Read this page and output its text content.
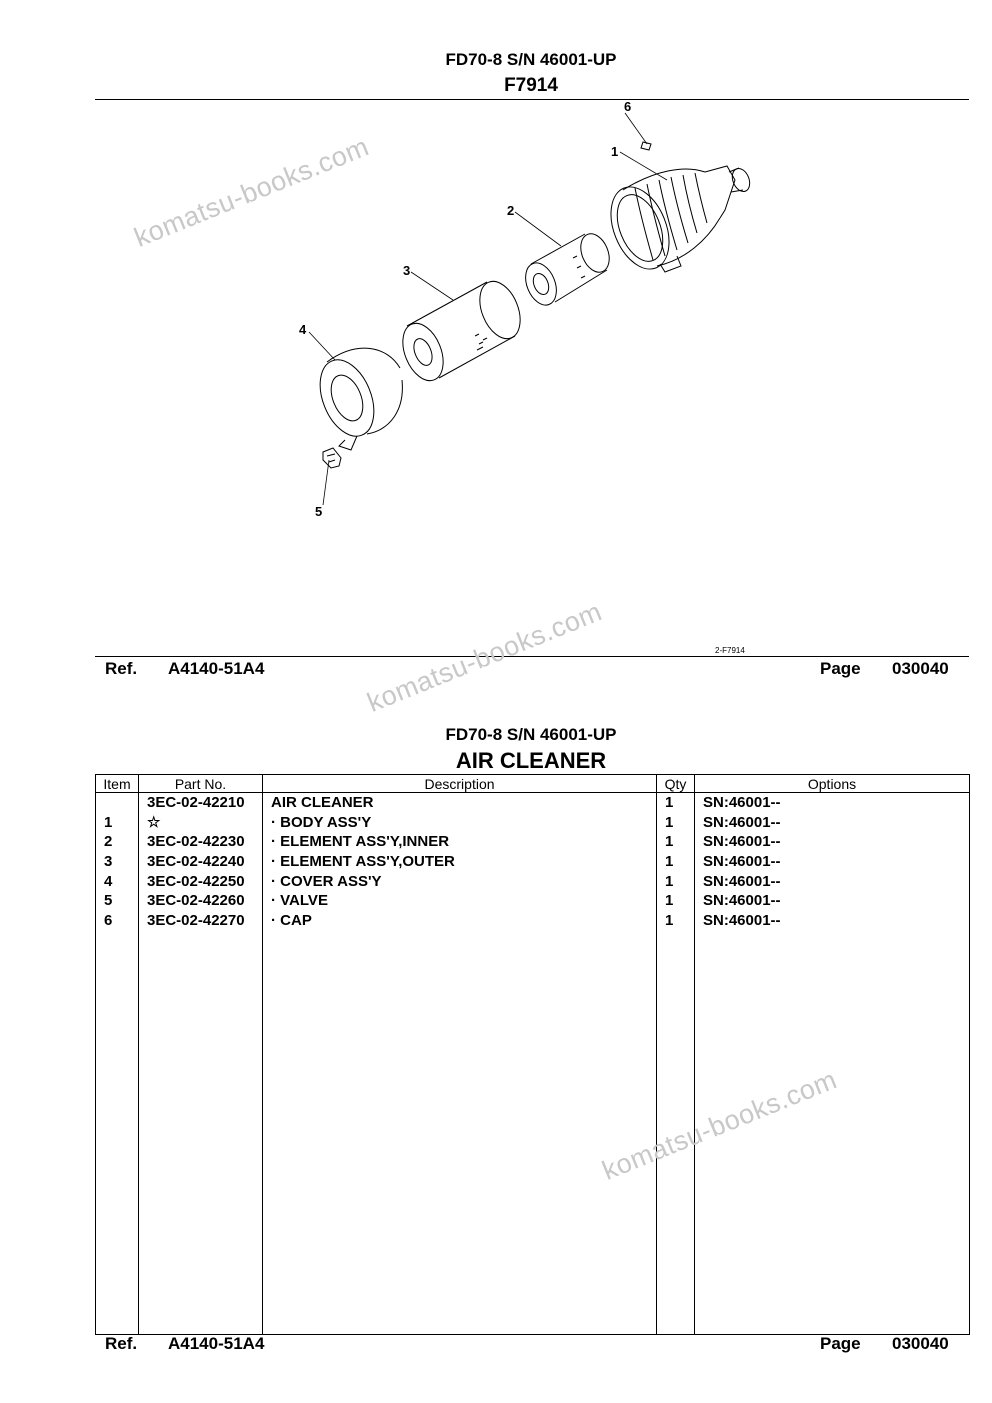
FD70-8 S/N 46001-UP
F7914
6
1
2
3
4
5
2-F7914
Ref. A4140-51A4	Page 030040
FD70-8 S/N 46001-UP
AIR CLEANER
Item	Part No.	Description	Qty	Options
	3EC-02-42210	AIR CLEANER	1	SN:46001--
1	☆	· BODY ASS'Y	1	SN:46001--
2	3EC-02-42230	· ELEMENT ASS'Y,INNER	1	SN:46001--
3	3EC-02-42240	· ELEMENT ASS'Y,OUTER	1	SN:46001--
4	3EC-02-42250	· COVER ASS'Y	1	SN:46001--
5	3EC-02-42260	· VALVE	1	SN:46001--
6	3EC-02-42270	· CAP	1	SN:46001--

Ref. A4140-51A4	Page 030040
komatsu-books.com
komatsu-books.com
komatsu-books.com
